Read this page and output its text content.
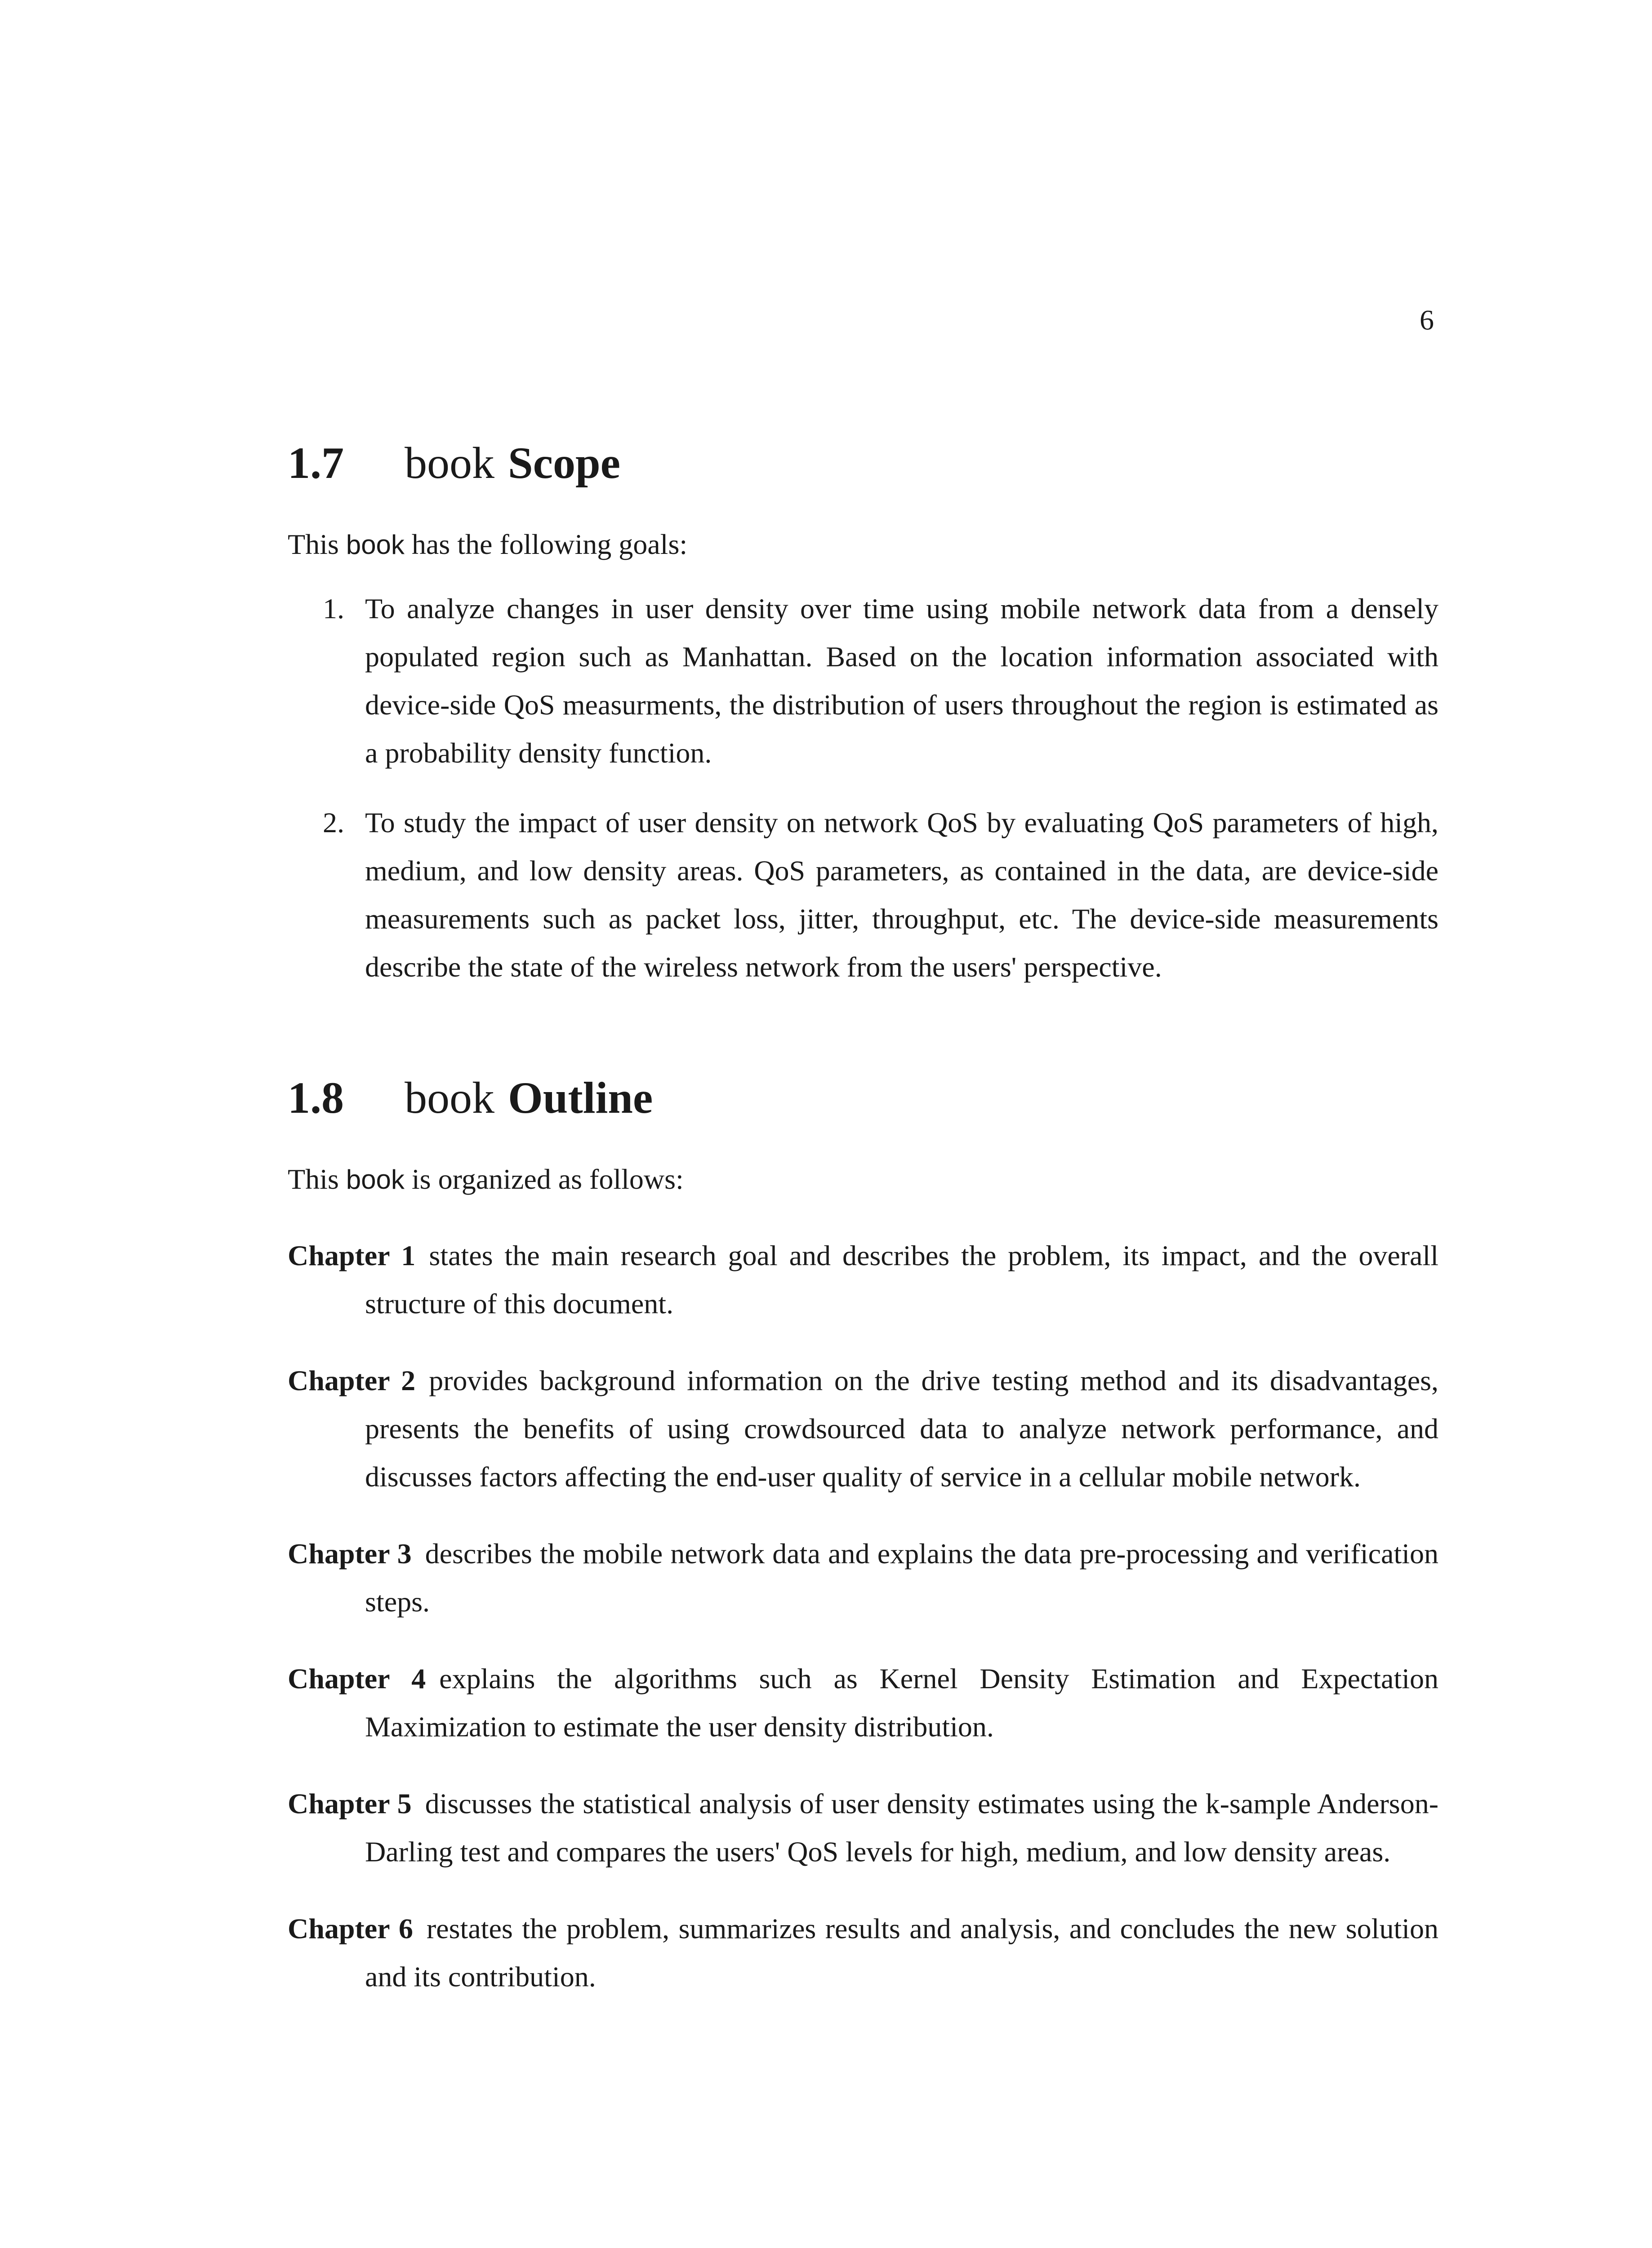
6
1.7	book Scope

This book has the following goals:

1. To analyze changes in user density over time using mobile network data from a densely populated region such as Manhattan. Based on the location information associated with device-side QoS measurments, the distribution of users throughout the region is estimated as a probability density function.
2. To study the impact of user density on network QoS by evaluating QoS parameters of high, medium, and low density areas. QoS parameters, as contained in the data, are device-side measurements such as packet loss, jitter, throughput, etc. The device-side measurements describe the state of the wireless network from the users' perspective.
1.8	book Outline

This book is organized as follows:

Chapter 1 states the main research goal and describes the problem, its impact, and the overall structure of this document.

Chapter 2 provides background information on the drive testing method and its disadvantages, presents the benefits of using crowdsourced data to analyze network performance, and discusses factors affecting the end-user quality of service in a cellular mobile network.

Chapter 3 describes the mobile network data and explains the data pre-processing and verification steps.

Chapter 4 explains the algorithms such as Kernel Density Estimation and Expectation Maximization to estimate the user density distribution.

Chapter 5 discusses the statistical analysis of user density estimates using the k-sample Anderson-Darling test and compares the users' QoS levels for high, medium, and low density areas.

Chapter 6 restates the problem, summarizes results and analysis, and concludes the new solution and its contribution.
